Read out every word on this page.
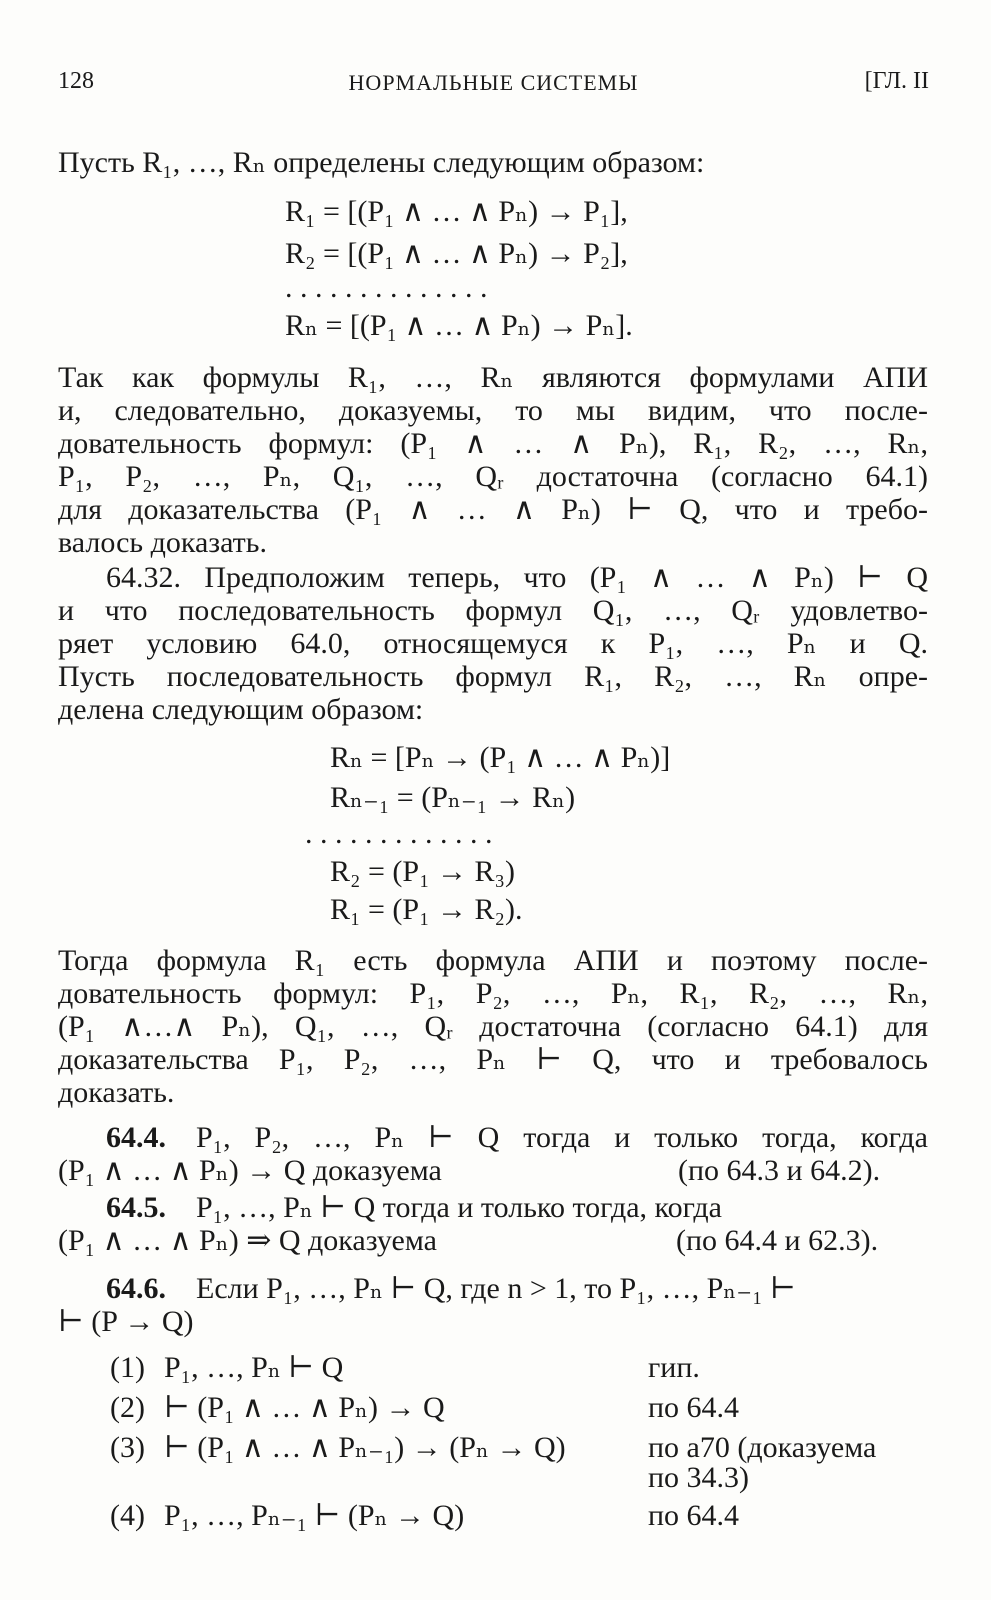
128	НОРМАЛЬНЫЕ СИСТЕМЫ	[ГЛ. II
Пусть R₁, …, Rₙ определены следующим образом:
R₁ = [(P₁ ∧ … ∧ Pₙ) → P₁],
R₂ = [(P₁ ∧ … ∧ Pₙ) → P₂],
. . . . . . . . . . . . . .
Rₙ = [(P₁ ∧ … ∧ Pₙ) → Pₙ].
Так как формулы R₁, …, Rₙ являются формулами АПИ
и, следовательно, доказуемы, то мы видим, что после-
довательность формул: (P₁ ∧ … ∧ Pₙ), R₁, R₂, …, Rₙ,
P₁, P₂, …, Pₙ, Q₁, …, Qᵣ достаточна (согласно 64.1)
для доказательства (P₁ ∧ … ∧ Pₙ) ⊢ Q, что и требо-
валось доказать.
64.32. Предположим теперь, что (P₁ ∧ … ∧ Pₙ) ⊢ Q
и что последовательность формул Q₁, …, Qᵣ удовлетво-
ряет условию 64.0, относящемуся к P₁, …, Pₙ и Q.
Пусть последовательность формул R₁, R₂, …, Rₙ опре-
делена следующим образом:
Rₙ = [Pₙ → (P₁ ∧ … ∧ Pₙ)]
Rₙ₋₁ = (Pₙ₋₁ → Rₙ)
. . . . . . . . . . . . .
R₂ = (P₁ → R₃)
R₁ = (P₁ → R₂).
Тогда формула R₁ есть формула АПИ и поэтому после-
довательность формул: P₁, P₂, …, Pₙ, R₁, R₂, …, Rₙ,
(P₁ ∧…∧ Pₙ), Q₁, …, Qᵣ достаточна (согласно 64.1) для
доказательства P₁, P₂, …, Pₙ ⊢ Q, что и требовалось
доказать.
64.4. P₁, P₂, …, Pₙ ⊢ Q тогда и только тогда, когда
(P₁ ∧ … ∧ Pₙ) → Q доказуема	(по 64.3 и 64.2).
64.5. P₁, …, Pₙ ⊢ Q тогда и только тогда, когда
(P₁ ∧ … ∧ Pₙ) ⇒ Q доказуема	(по 64.4 и 62.3).
64.6. Если P₁, …, Pₙ ⊢ Q, где n > 1, то P₁, …, Pₙ₋₁ ⊢
⊢ (P → Q)
(1) P₁, …, Pₙ ⊢ Q	гип.
(2) ⊢ (P₁ ∧ … ∧ Pₙ) → Q	по 64.4
(3) ⊢ (P₁ ∧ … ∧ Pₙ₋₁) → (Pₙ → Q)	по a70 (доказуема
по 34.3)
(4) P₁, …, Pₙ₋₁ ⊢ (Pₙ → Q)	по 64.4
